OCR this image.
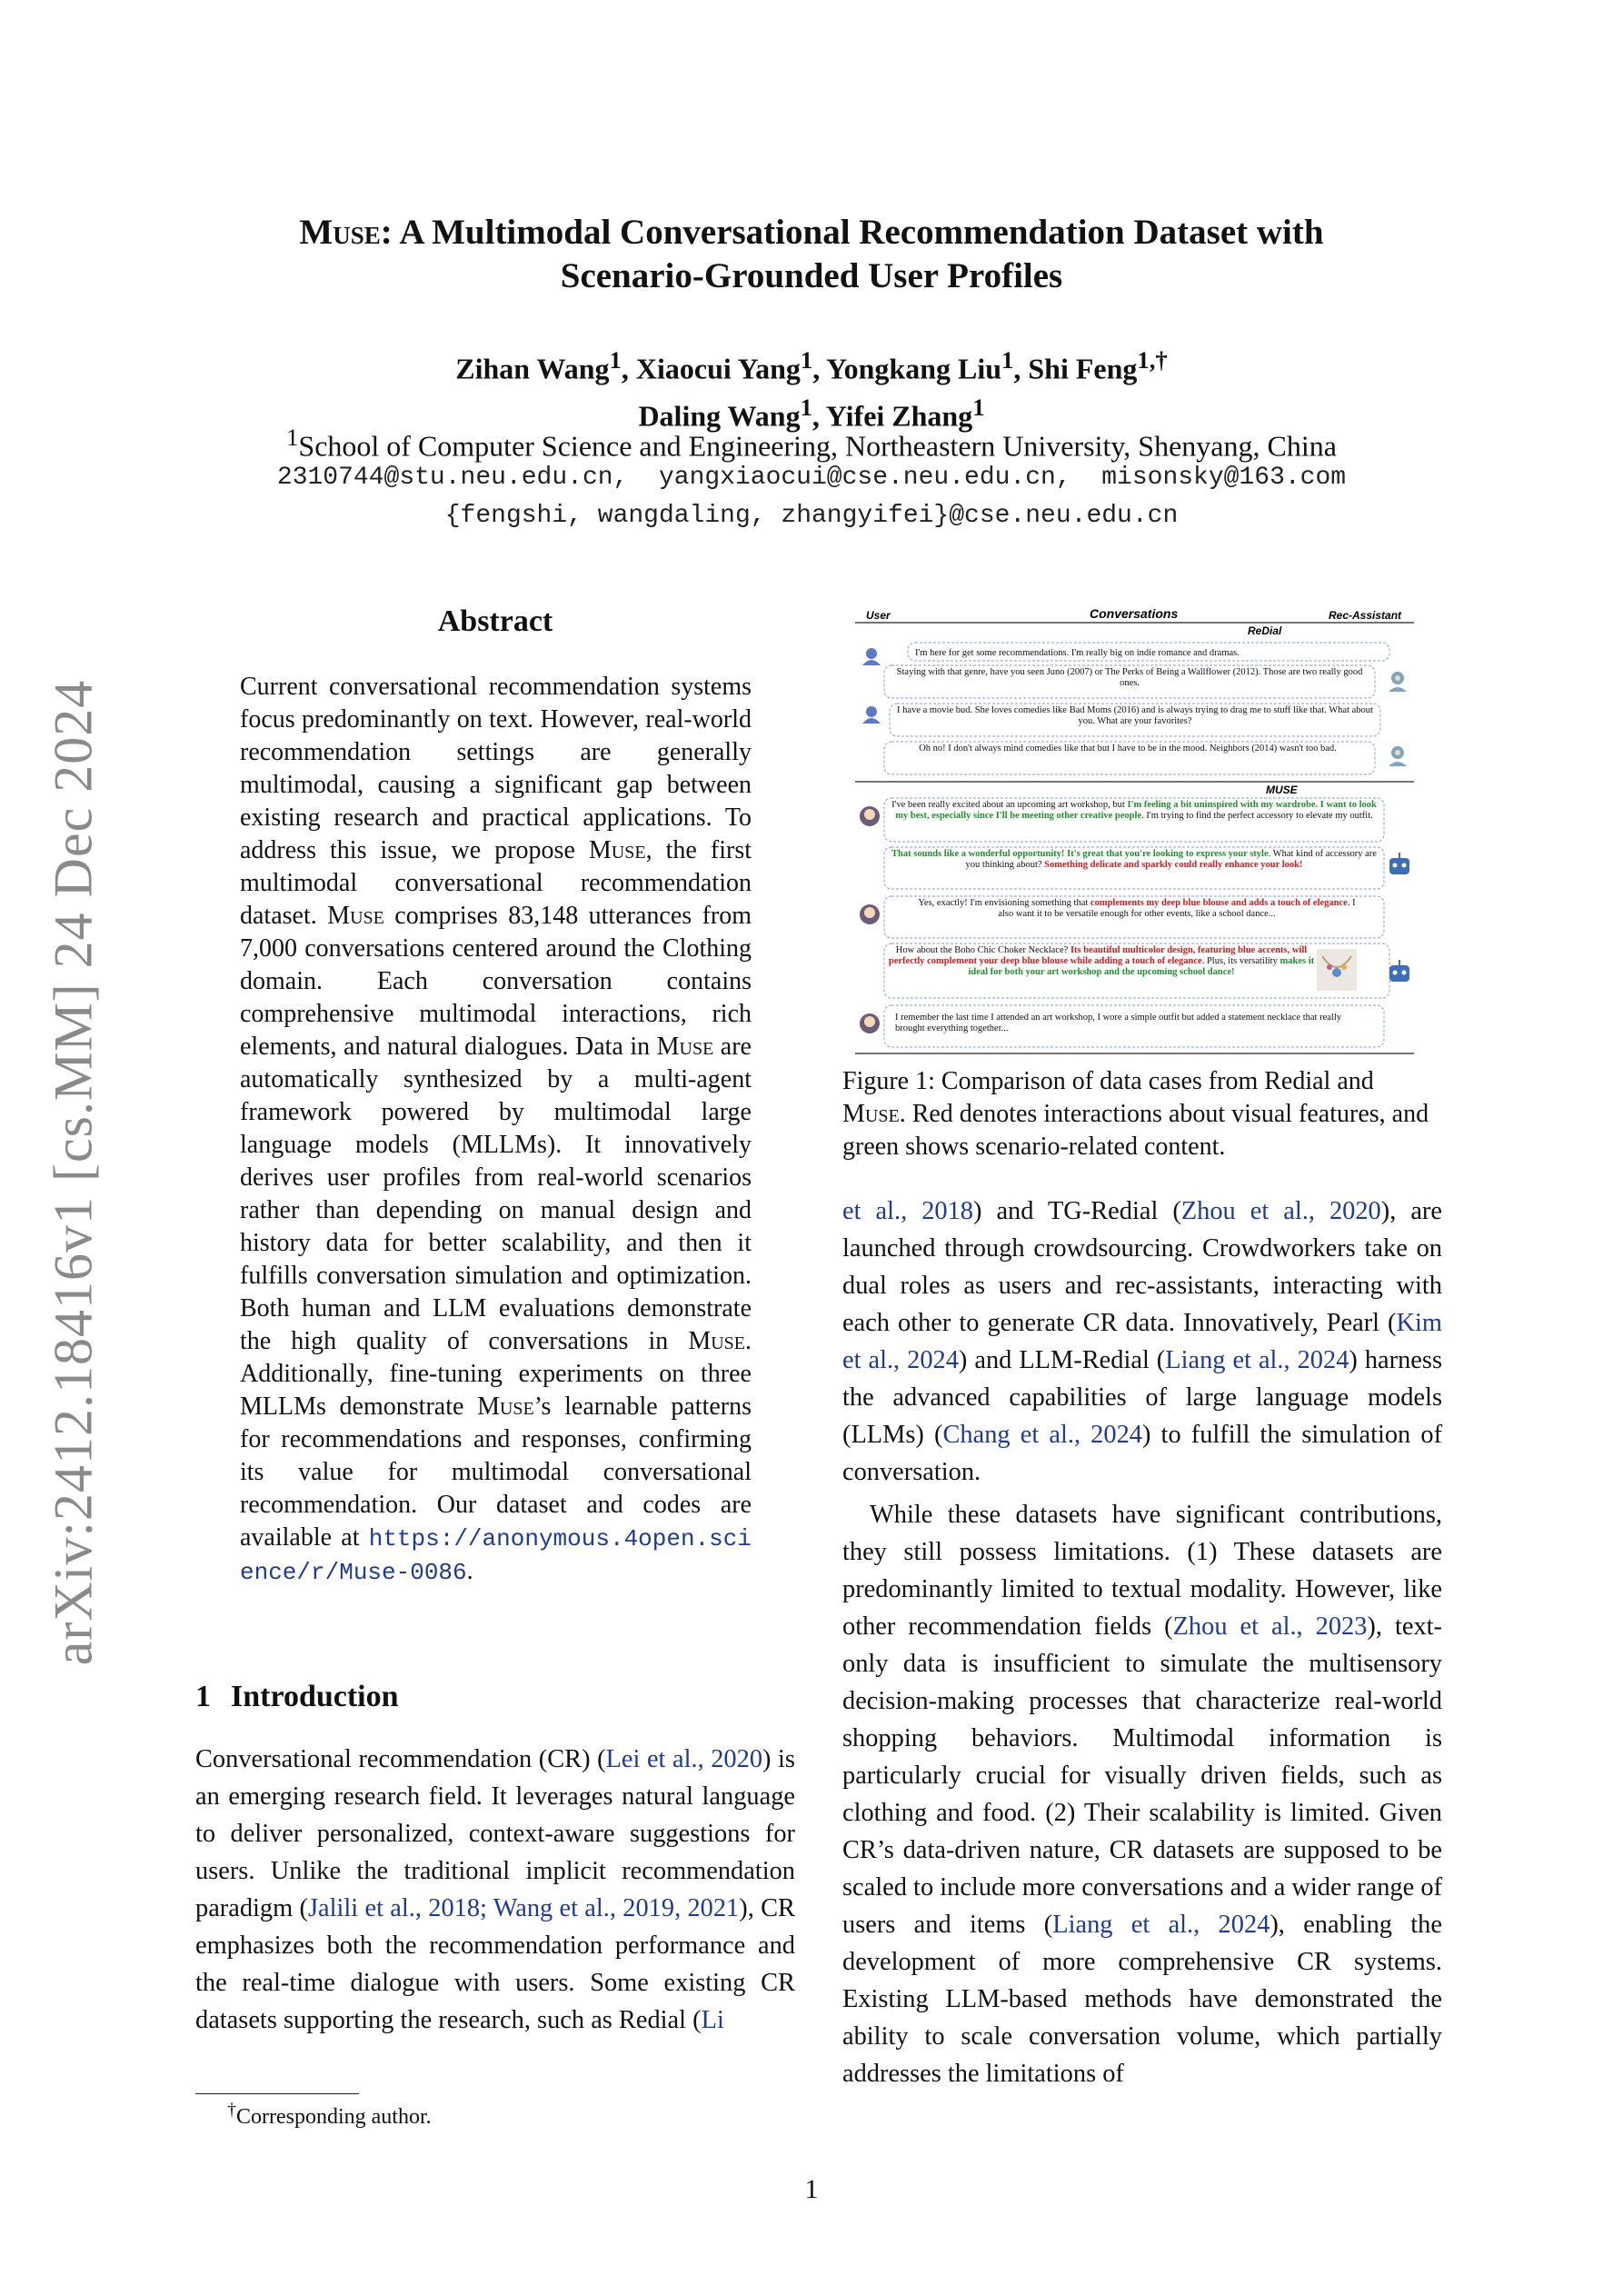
arXiv:2412.18416v1 [cs.MM] 24 Dec 2024
Muse: A Multimodal Conversational Recommendation Dataset with
Scenario-Grounded User Profiles
Zihan Wang$^1$, Xiaocui Yang$^1$, Yongkang Liu$^1$, Shi Feng$^{1,\dagger}$
Daling Wang$^1$, Yifei Zhang$^1$
$^1$School of Computer Science and Engineering, Northeastern University, Shenyang, China
2310744@stu.neu.edu.cn,  yangxiaocui@cse.neu.edu.cn,  misonsky@163.com
{fengshi, wangdaling, zhangyifei}@cse.neu.edu.cn
Abstract
Current conversational recommendation systems focus predominantly on text. However, real-world recommendation settings are generally multimodal, causing a significant gap between existing research and practical applications. To address this issue, we propose Muse, the first multimodal conversational recommendation dataset. Muse comprises 83,148 utterances from 7,000 conversations centered around the Clothing domain. Each conversation contains comprehensive multimodal interactions, rich elements, and natural dialogues. Data in Muse are automatically synthesized by a multi-agent framework powered by multimodal large language models (MLLMs). It innovatively derives user profiles from real-world scenarios rather than depending on manual design and history data for better scalability, and then it fulfills conversation simulation and optimization. Both human and LLM evaluations demonstrate the high quality of conversations in Muse. Additionally, fine-tuning experiments on three MLLMs demonstrate Muse’s learnable patterns for recommendations and responses, confirming its value for multimodal conversational recommendation. Our dataset and codes are available at https://anonymous.4open.science/r/Muse-0086.
1 Introduction
Conversational recommendation (CR) (Lei et al., 2020) is an emerging research field. It leverages natural language to deliver personalized, context-aware suggestions for users. Unlike the traditional implicit recommendation paradigm (Jalili et al., 2018; Wang et al., 2019, 2021), CR emphasizes both the recommendation performance and the real-time dialogue with users. Some existing CR datasets supporting the research, such as Redial (Li
†Corresponding author.
User	Conversations	Rec-Assistant
ReDial
I'm here for get some recommendations. I'm really big on indie romance and dramas.
Staying with that genre, have you seen Juno (2007) or The Perks of Being a Wallflower (2012). Those are two really good ones.
I have a movie bud. She loves comedies like Bad Moms (2016) and is always trying to drag me to stuff like that. What about you. What are your favorites?
Oh no! I don't always mind comedies like that but I have to be in the mood. Neighbors (2014) wasn't too bad.
MUSE
I've been really excited about an upcoming art workshop, but I'm feeling a bit uninspired with my wardrobe. I want to look my best, especially since I'll be meeting other creative people. I'm trying to find the perfect accessory to elevate my outfit.
That sounds like a wonderful opportunity! It's great that you're looking to express your style. What kind of accessory are you thinking about? Something delicate and sparkly could really enhance your look!
Yes, exactly! I'm envisioning something that complements my deep blue blouse and adds a touch of elegance. I also want it to be versatile enough for other events, like a school dance...
How about the Boho Chic Choker Necklace? Its beautiful multicolor design, featuring blue accents, will perfectly complement your deep blue blouse while adding a touch of elegance. Plus, its versatility makes it ideal for both your art workshop and the upcoming school dance!
I remember the last time I attended an art workshop, I wore a simple outfit but added a statement necklace that really brought everything together...
Figure 1: Comparison of data cases from Redial and Muse. Red denotes interactions about visual features, and green shows scenario-related content.

et al., 2018) and TG-Redial (Zhou et al., 2020), are launched through crowdsourcing. Crowdworkers take on dual roles as users and rec-assistants, interacting with each other to generate CR data. Innovatively, Pearl (Kim et al., 2024) and LLM-Redial (Liang et al., 2024) harness the advanced capabilities of large language models (LLMs) (Chang et al., 2024) to fulfill the simulation of conversation.

While these datasets have significant contributions, they still possess limitations. (1) These datasets are predominantly limited to textual modality. However, like other recommendation fields (Zhou et al., 2023), text-only data is insufficient to simulate the multisensory decision-making processes that characterize real-world shopping behaviors. Multimodal information is particularly crucial for visually driven fields, such as clothing and food. (2) Their scalability is limited. Given CR’s data-driven nature, CR datasets are supposed to be scaled to include more conversations and a wider range of users and items (Liang et al., 2024), enabling the development of more comprehensive CR systems. Existing LLM-based methods have demonstrated the ability to scale conversation volume, which partially addresses the limitations of

1
